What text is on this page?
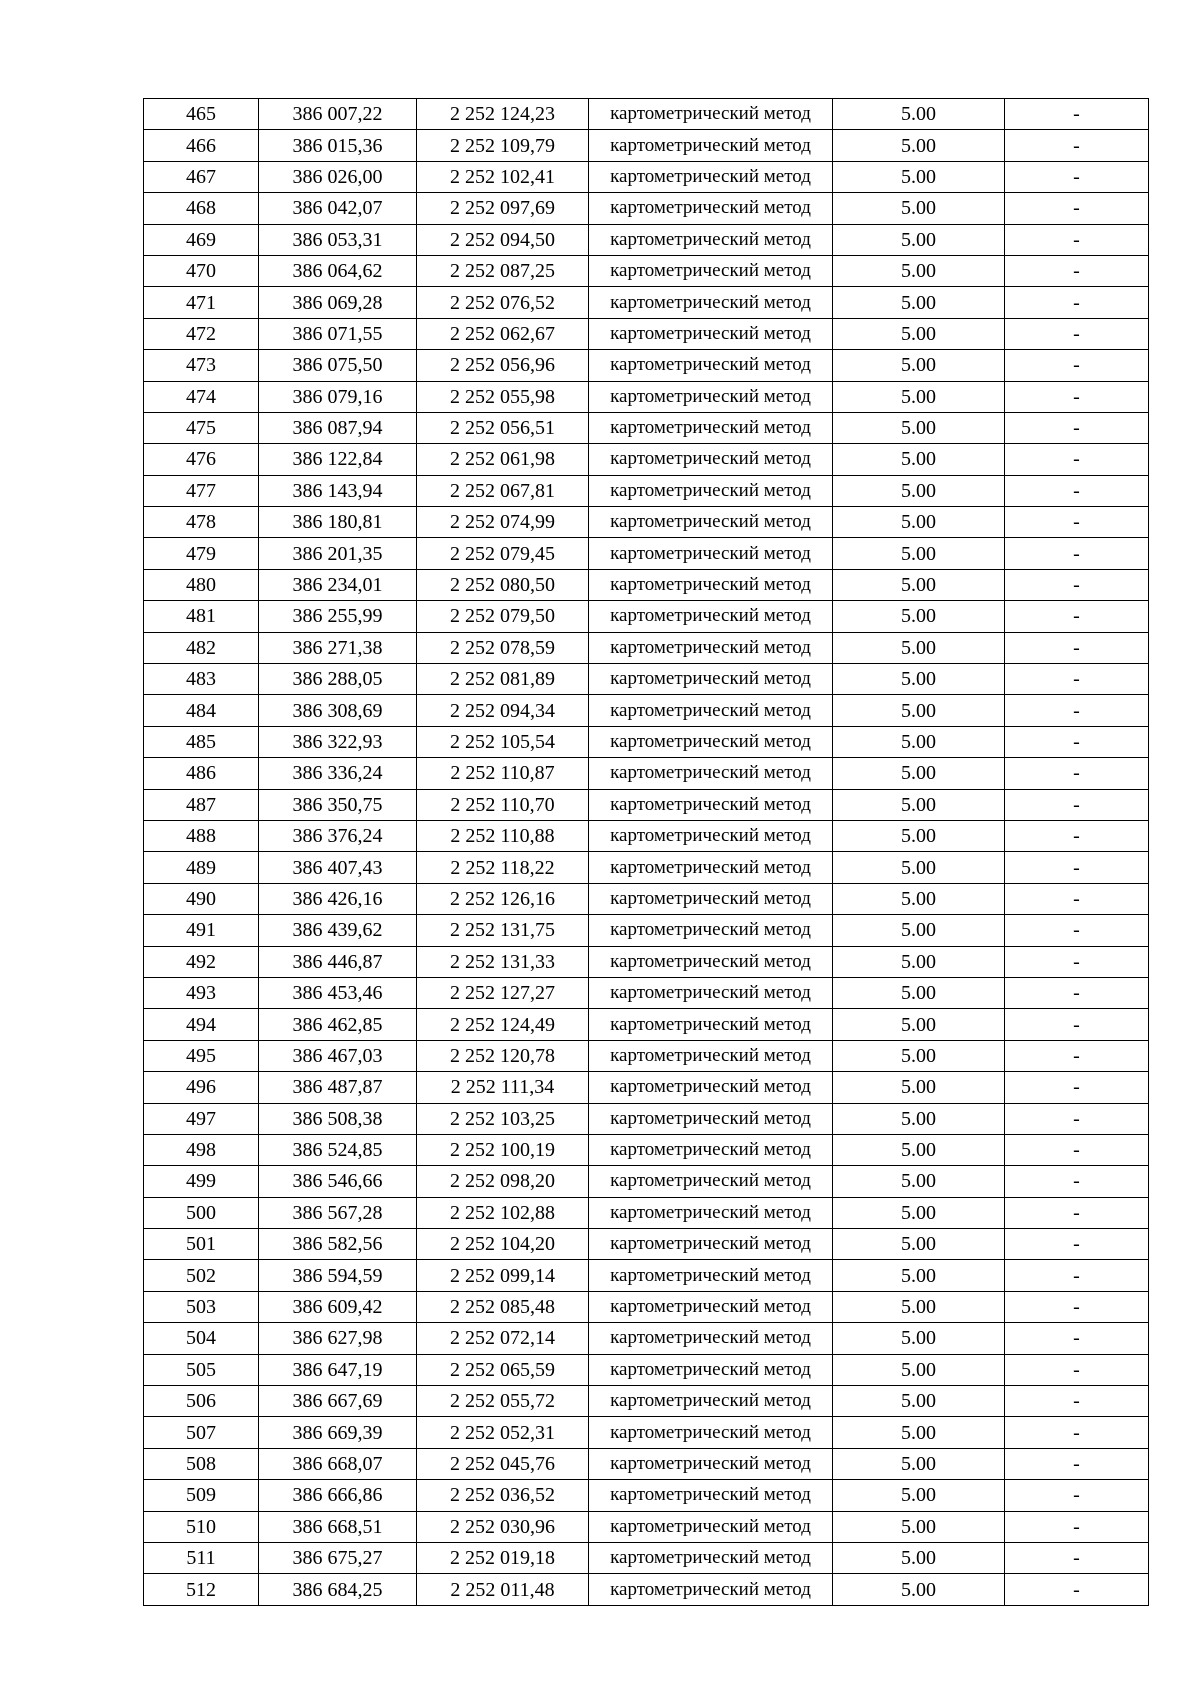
465	386 007,22	2 252 124,23	картометрический метод	5.00	-
466	386 015,36	2 252 109,79	картометрический метод	5.00	-
467	386 026,00	2 252 102,41	картометрический метод	5.00	-
468	386 042,07	2 252 097,69	картометрический метод	5.00	-
469	386 053,31	2 252 094,50	картометрический метод	5.00	-
470	386 064,62	2 252 087,25	картометрический метод	5.00	-
471	386 069,28	2 252 076,52	картометрический метод	5.00	-
472	386 071,55	2 252 062,67	картометрический метод	5.00	-
473	386 075,50	2 252 056,96	картометрический метод	5.00	-
474	386 079,16	2 252 055,98	картометрический метод	5.00	-
475	386 087,94	2 252 056,51	картометрический метод	5.00	-
476	386 122,84	2 252 061,98	картометрический метод	5.00	-
477	386 143,94	2 252 067,81	картометрический метод	5.00	-
478	386 180,81	2 252 074,99	картометрический метод	5.00	-
479	386 201,35	2 252 079,45	картометрический метод	5.00	-
480	386 234,01	2 252 080,50	картометрический метод	5.00	-
481	386 255,99	2 252 079,50	картометрический метод	5.00	-
482	386 271,38	2 252 078,59	картометрический метод	5.00	-
483	386 288,05	2 252 081,89	картометрический метод	5.00	-
484	386 308,69	2 252 094,34	картометрический метод	5.00	-
485	386 322,93	2 252 105,54	картометрический метод	5.00	-
486	386 336,24	2 252 110,87	картометрический метод	5.00	-
487	386 350,75	2 252 110,70	картометрический метод	5.00	-
488	386 376,24	2 252 110,88	картометрический метод	5.00	-
489	386 407,43	2 252 118,22	картометрический метод	5.00	-
490	386 426,16	2 252 126,16	картометрический метод	5.00	-
491	386 439,62	2 252 131,75	картометрический метод	5.00	-
492	386 446,87	2 252 131,33	картометрический метод	5.00	-
493	386 453,46	2 252 127,27	картометрический метод	5.00	-
494	386 462,85	2 252 124,49	картометрический метод	5.00	-
495	386 467,03	2 252 120,78	картометрический метод	5.00	-
496	386 487,87	2 252 111,34	картометрический метод	5.00	-
497	386 508,38	2 252 103,25	картометрический метод	5.00	-
498	386 524,85	2 252 100,19	картометрический метод	5.00	-
499	386 546,66	2 252 098,20	картометрический метод	5.00	-
500	386 567,28	2 252 102,88	картометрический метод	5.00	-
501	386 582,56	2 252 104,20	картометрический метод	5.00	-
502	386 594,59	2 252 099,14	картометрический метод	5.00	-
503	386 609,42	2 252 085,48	картометрический метод	5.00	-
504	386 627,98	2 252 072,14	картометрический метод	5.00	-
505	386 647,19	2 252 065,59	картометрический метод	5.00	-
506	386 667,69	2 252 055,72	картометрический метод	5.00	-
507	386 669,39	2 252 052,31	картометрический метод	5.00	-
508	386 668,07	2 252 045,76	картометрический метод	5.00	-
509	386 666,86	2 252 036,52	картометрический метод	5.00	-
510	386 668,51	2 252 030,96	картометрический метод	5.00	-
511	386 675,27	2 252 019,18	картометрический метод	5.00	-
512	386 684,25	2 252 011,48	картометрический метод	5.00	-
